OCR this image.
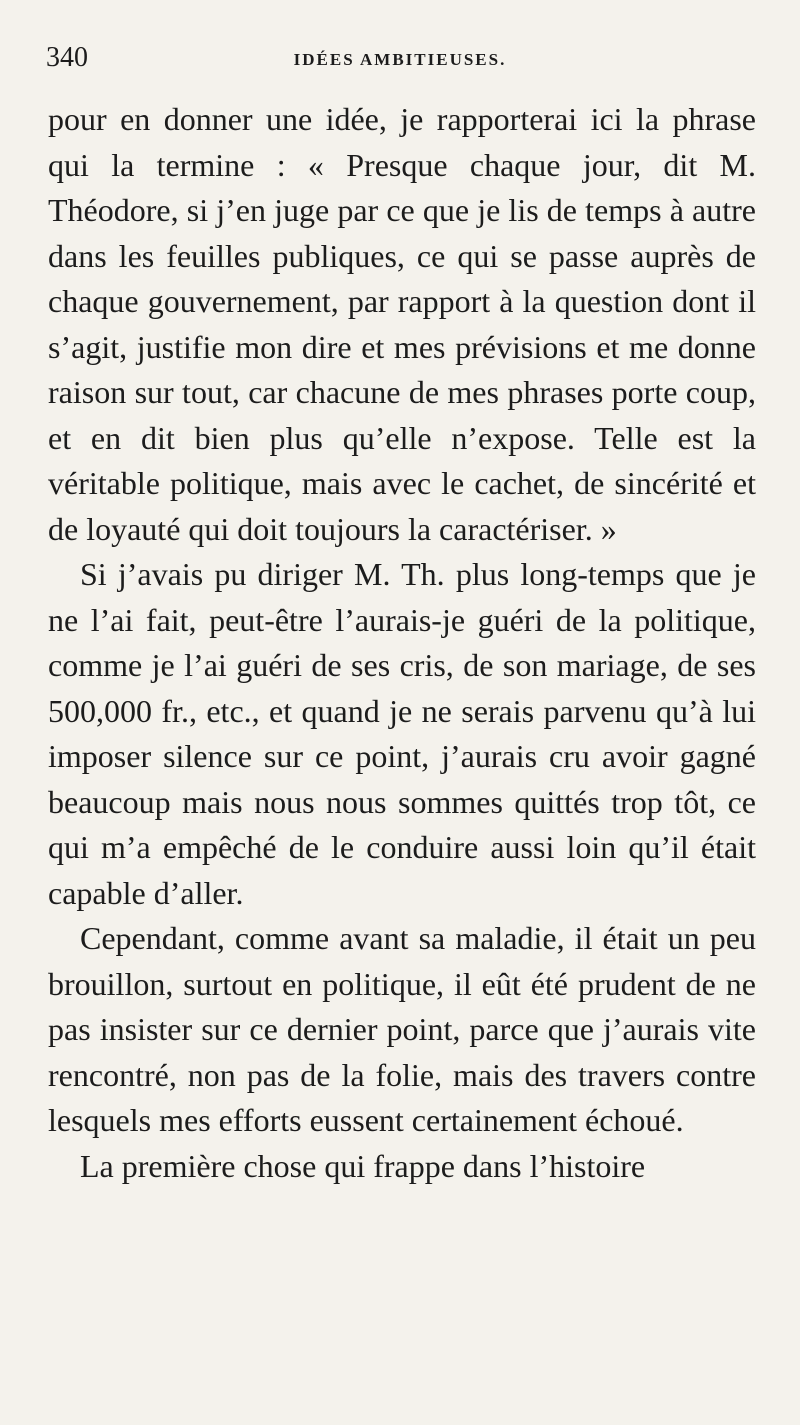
340	IDÉES AMBITIEUSES.

pour en donner une idée, je rapporterai ici la phrase qui la termine : « Presque chaque jour, dit M. Théodore, si j’en juge par ce que je lis de temps à autre dans les feuilles publiques, ce qui se passe auprès de chaque gouvernement, par rapport à la question dont il s’agit, justifie mon dire et mes prévisions et me donne raison sur tout, car chacune de mes phrases porte coup, et en dit bien plus qu’elle n’expose. Telle est la véritable politique, mais avec le cachet, de sincérité et de loyauté qui doit toujours la caractériser. »

Si j’avais pu diriger M. Th. plus long-temps que je ne l’ai fait, peut-être l’aurais-je guéri de la politique, comme je l’ai guéri de ses cris, de son mariage, de ses 500,000 fr., etc., et quand je ne serais parvenu qu’à lui imposer silence sur ce point, j’aurais cru avoir gagné beaucoup mais nous nous sommes quittés trop tôt, ce qui m’a empêché de le conduire aussi loin qu’il était capable d’aller.

Cependant, comme avant sa maladie, il était un peu brouillon, surtout en politique, il eût été prudent de ne pas insister sur ce dernier point, parce que j’aurais vite rencontré, non pas de la folie, mais des travers contre lesquels mes efforts eussent certainement échoué.

La première chose qui frappe dans l’histoire
